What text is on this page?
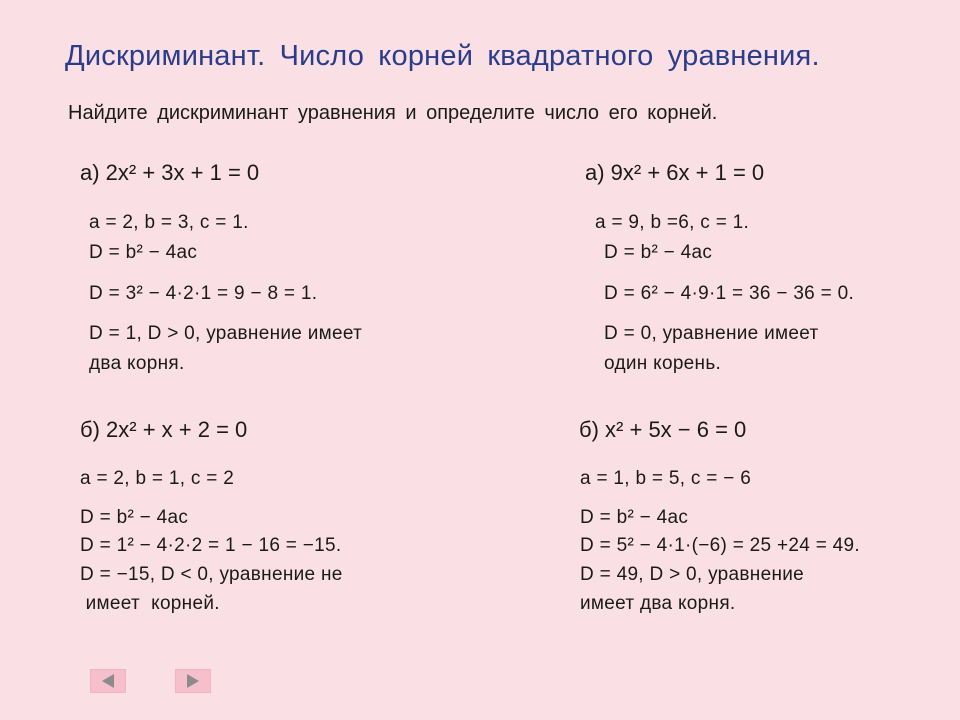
Дискриминант. Число корней квадратного уравнения.
Найдите дискриминант уравнения и определите число его корней.
а) 2x² + 3x + 1 = 0
a = 2, b = 3, c = 1.
D = b² − 4ac
D = 3² − 4·2·1 = 9 − 8 = 1.
D = 1, D > 0, уравнение имеет
два корня.
а) 9x² + 6x + 1 = 0
a = 9, b =6, c = 1.
D = b² − 4ac
D = 6² − 4·9·1 = 36 − 36 = 0.
D = 0, уравнение имеет
один корень.
б) 2x² + x + 2 = 0
a = 2, b = 1, c = 2
D = b² − 4ac
D = 1² − 4·2·2 = 1 − 16 = −15.
D = −15, D < 0, уравнение не
имеет  корней.
б) x² + 5x − 6 = 0
a = 1, b = 5, c = − 6
D = b² − 4ac
D = 5² − 4·1·(−6) = 25 +24 = 49.
D = 49, D > 0, уравнение
имеет два корня.
